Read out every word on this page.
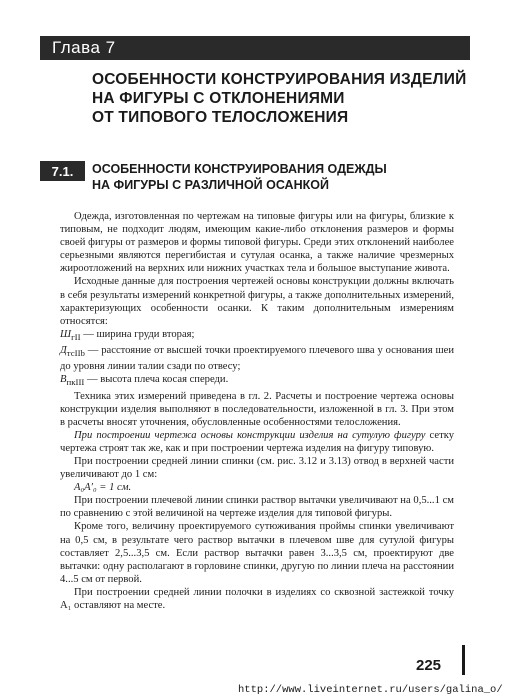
Глава 7
ОСОБЕННОСТИ КОНСТРУИРОВАНИЯ ИЗДЕЛИЙ
НА ФИГУРЫ С ОТКЛОНЕНИЯМИ
ОТ ТИПОВОГО ТЕЛОСЛОЖЕНИЯ
7.1.	ОСОБЕННОСТИ КОНСТРУИРОВАНИЯ ОДЕЖДЫ
НА ФИГУРЫ С РАЗЛИЧНОЙ ОСАНКОЙ

Одежда, изготовленная по чертежам на типовые фигуры или на фигуры, близкие к типовым, не подходит людям, имеющим какие-либо отклонения размеров и формы своей фигуры от размеров и формы типовой фигуры. Среди этих отклонений наиболее серьезными являются перегибистая и сутулая осанка, а также наличие чрезмерных жироотложений на верхних или нижних участках тела и большое выступание живота.

Исходные данные для построения чертежей основы конструкции должны включать в себя результаты измерений конкретной фигуры, а также дополнительных измерений, характеризующих особенности осанки. К таким дополнительным измерениям относятся:

$Ш_{гII}$ — ширина груди вторая;

$Д_{тсIIb}$ — расстояние от высшей точки проектируемого плечевого шва у основания шеи до уровня линии талии сзади по отвесу;

$В_{пкIII}$ — высота плеча косая спереди.

Техника этих измерений приведена в гл. 2. Расчеты и построение чертежа основы конструкции изделия выполняют в последовательности, изложенной в гл. 3. При этом в расчеты вносят уточнения, обусловленные особенностями телосложения.

При построении чертежа основы конструкции изделия на сутулую фигуру сетку чертежа строят так же, как и при построении чертежа изделия на фигуру типовую.

При построении средней линии спинки (см. рис. 3.12 и 3.13) отвод в верхней части увеличивают до 1 см:

А₀А′₀ = 1 см.

При построении плечевой линии спинки раствор вытачки увеличивают на 0,5...1 см по сравнению с этой величиной на чертеже изделия для типовой фигуры.

Кроме того, величину проектируемого сутюживания проймы спинки увеличивают на 0,5 см, в результате чего раствор вытачки в плечевом шве для сутулой фигуры составляет 2,5...3,5 см. Если раствор вытачки равен 3...3,5 см, проектируют две вытачки: одну располагают в горловине спинки, другую по линии плеча на расстоянии 4...5 см от первой.

При построении средней линии полочки в изделиях со сквозной застежкой точку А₁ оставляют на месте.

225
http://www.liveinternet.ru/users/galina_o/
